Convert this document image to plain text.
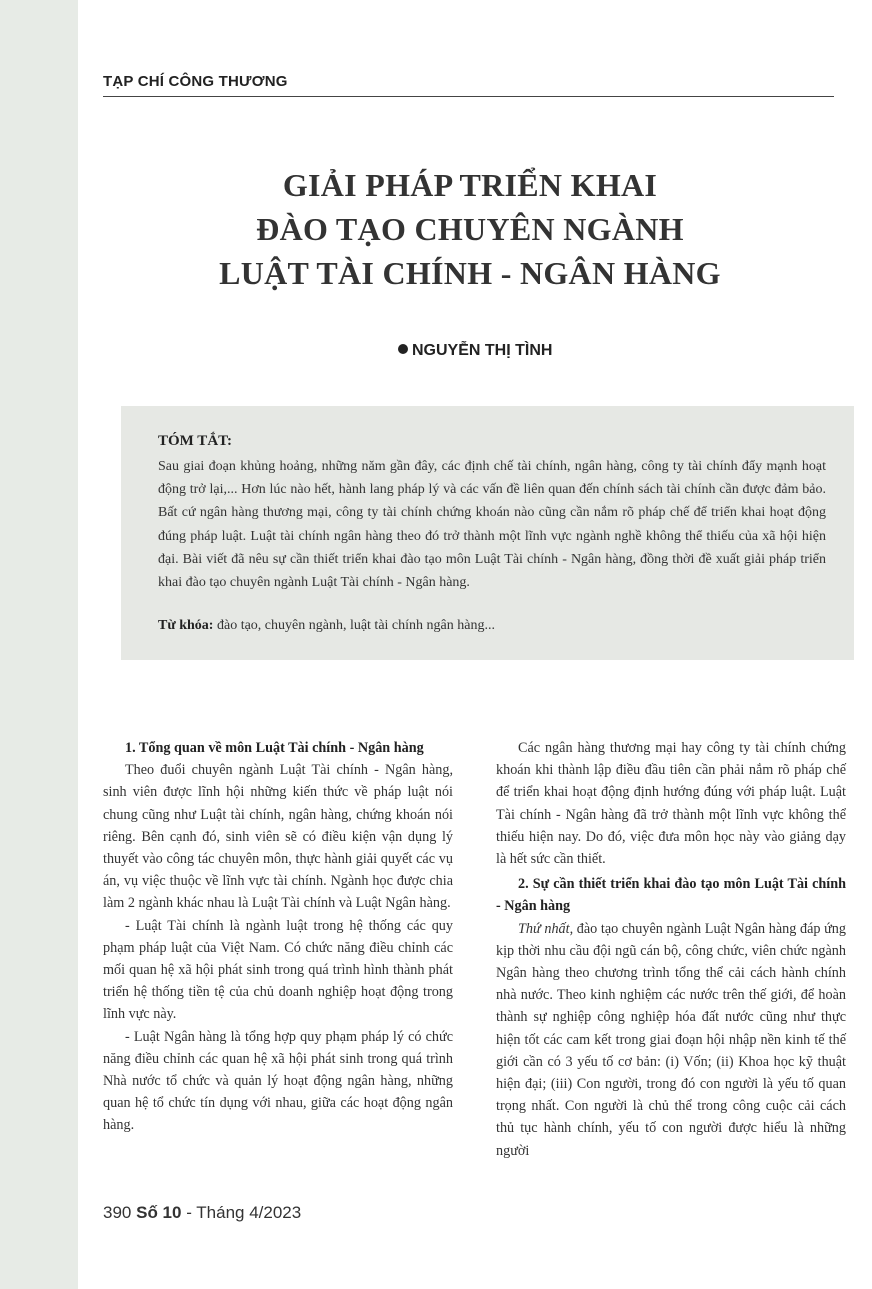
TẠP CHÍ CÔNG THƯƠNG
GIẢI PHÁP TRIỂN KHAI
ĐÀO TẠO CHUYÊN NGÀNH
LUẬT TÀI CHÍNH - NGÂN HÀNG
NGUYỄN THỊ TÌNH
TÓM TẮT:
Sau giai đoạn khủng hoảng, những năm gần đây, các định chế tài chính, ngân hàng, công ty tài chính đẩy mạnh hoạt động trở lại,... Hơn lúc nào hết, hành lang pháp lý và các vấn đề liên quan đến chính sách tài chính cần được đảm bảo. Bất cứ ngân hàng thương mại, công ty tài chính chứng khoán nào cũng cần nắm rõ pháp chế để triển khai hoạt động đúng pháp luật. Luật tài chính ngân hàng theo đó trở thành một lĩnh vực ngành nghề không thể thiếu của xã hội hiện đại. Bài viết đã nêu sự cần thiết triển khai đào tạo môn Luật Tài chính - Ngân hàng, đồng thời đề xuất giải pháp triển khai đào tạo chuyên ngành Luật Tài chính - Ngân hàng.
Từ khóa: đào tạo, chuyên ngành, luật tài chính ngân hàng...
1. Tổng quan về môn Luật Tài chính - Ngân hàng

Theo đuổi chuyên ngành Luật Tài chính - Ngân hàng, sinh viên được lĩnh hội những kiến thức về pháp luật nói chung cũng như Luật tài chính, ngân hàng, chứng khoán nói riêng. Bên cạnh đó, sinh viên sẽ có điều kiện vận dụng lý thuyết vào công tác chuyên môn, thực hành giải quyết các vụ án, vụ việc thuộc về lĩnh vực tài chính. Ngành học được chia làm 2 ngành khác nhau là Luật Tài chính và Luật Ngân hàng.

- Luật Tài chính là ngành luật trong hệ thống các quy phạm pháp luật của Việt Nam. Có chức năng điều chỉnh các mối quan hệ xã hội phát sinh trong quá trình hình thành phát triển hệ thống tiền tệ của chủ doanh nghiệp hoạt động trong lĩnh vực này.

- Luật Ngân hàng là tổng hợp quy phạm pháp lý có chức năng điều chỉnh các quan hệ xã hội phát sinh trong quá trình Nhà nước tổ chức và quản lý hoạt động ngân hàng, những quan hệ tổ chức tín dụng với nhau, giữa các hoạt động ngân hàng.

Các ngân hàng thương mại hay công ty tài chính chứng khoán khi thành lập điều đầu tiên cần phải nắm rõ pháp chế để triển khai hoạt động định hướng đúng với pháp luật. Luật Tài chính - Ngân hàng đã trở thành một lĩnh vực không thể thiếu hiện nay. Do đó, việc đưa môn học này vào giảng dạy là hết sức cần thiết.

2. Sự cần thiết triển khai đào tạo môn Luật Tài chính - Ngân hàng

Thứ nhất, đào tạo chuyên ngành Luật Ngân hàng đáp ứng kịp thời nhu cầu đội ngũ cán bộ, công chức, viên chức ngành Ngân hàng theo chương trình tổng thể cải cách hành chính nhà nước. Theo kinh nghiệm các nước trên thế giới, để hoàn thành sự nghiệp công nghiệp hóa đất nước cũng như thực hiện tốt các cam kết trong giai đoạn hội nhập nền kinh tế thế giới cần có 3 yếu tố cơ bản: (i) Vốn; (ii) Khoa học kỹ thuật hiện đại; (iii) Con người, trong đó con người là yếu tố quan trọng nhất. Con người là chủ thể trong công cuộc cải cách thủ tục hành chính, yếu tố con người được hiểu là những người

390 Số 10 - Tháng 4/2023
